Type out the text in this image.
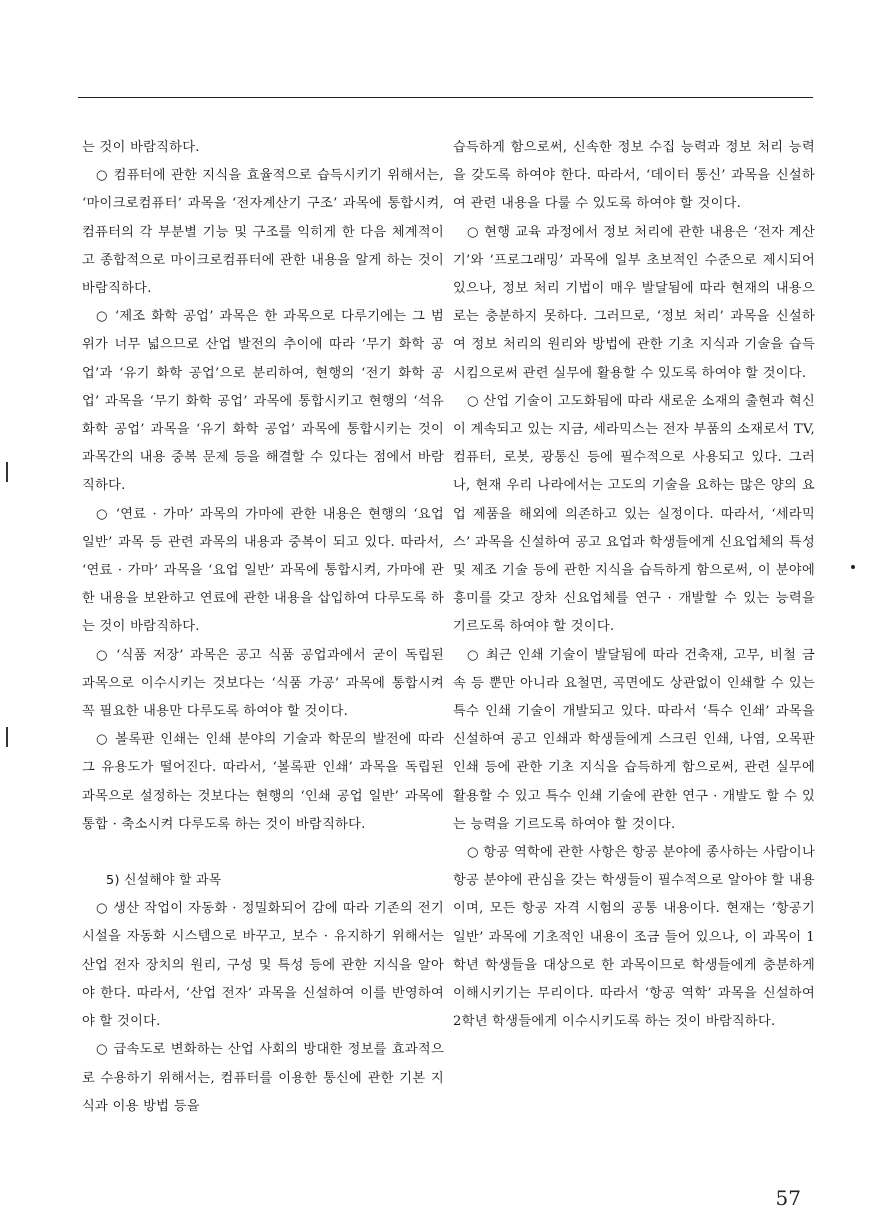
는 것이 바람직하다.

○ 컴퓨터에 관한 지식을 효율적으로 습득시키기 위해서는, ‘마이크로컴퓨터’ 과목을 ‘전자계산기 구조’ 과목에 통합시켜, 컴퓨터의 각 부분별 기능 및 구조를 익히게 한 다음 체계적이고 종합적으로 마이크로컴퓨터에 관한 내용을 알게 하는 것이 바람직하다.

○ ‘제조 화학 공업’ 과목은 한 과목으로 다루기에는 그 범위가 너무 넓으므로 산업 발전의 추이에 따라 ‘무기 화학 공업’과 ‘유기 화학 공업’으로 분리하여, 현행의 ‘전기 화학 공업’ 과목을 ‘무기 화학 공업’ 과목에 통합시키고 현행의 ‘석유 화학 공업’ 과목을 ‘유기 화학 공업’ 과목에 통합시키는 것이 과목간의 내용 중복 문제 등을 해결할 수 있다는 점에서 바람직하다.

○ ‘연료 · 가마’ 과목의 가마에 관한 내용은 현행의 ‘요업 일반’ 과목 등 관련 과목의 내용과 중복이 되고 있다. 따라서, ‘연료 · 가마’ 과목을 ‘요업 일반’ 과목에 통합시켜, 가마에 관한 내용을 보완하고 연료에 관한 내용을 삽입하여 다루도록 하는 것이 바람직하다.

○ ‘식품 저장’ 과목은 공고 식품 공업과에서 굳이 독립된 과목으로 이수시키는 것보다는 ‘식품 가공’ 과목에 통합시켜 꼭 필요한 내용만 다루도록 하여야 할 것이다.

○ 볼록판 인쇄는 인쇄 분야의 기술과 학문의 발전에 따라 그 유용도가 떨어진다. 따라서, ‘볼록판 인쇄’ 과목을 독립된 과목으로 설정하는 것보다는 현행의 ‘인쇄 공업 일반’ 과목에 통합 · 축소시켜 다루도록 하는 것이 바람직하다.

5) 신설해야 할 과목

○ 생산 작업이 자동화 · 정밀화되어 감에 따라 기존의 전기 시설을 자동화 시스템으로 바꾸고, 보수 · 유지하기 위해서는 산업 전자 장치의 원리, 구성 및 특성 등에 관한 지식을 알아야 한다. 따라서, ‘산업 전자’ 과목을 신설하여 이를 반영하여야 할 것이다.

○ 급속도로 변화하는 산업 사회의 방대한 정보를 효과적으로 수용하기 위해서는, 컴퓨터를 이용한 통신에 관한 기본 지식과 이용 방법 등을

습득하게 함으로써, 신속한 정보 수집 능력과 정보 처리 능력을 갖도록 하여야 한다. 따라서, ‘데이터 통신’ 과목을 신설하여 관련 내용을 다룰 수 있도록 하여야 할 것이다.

○ 현행 교육 과정에서 정보 처리에 관한 내용은 ‘전자 계산기’와 ‘프로그래밍’ 과목에 일부 초보적인 수준으로 제시되어 있으나, 정보 처리 기법이 매우 발달됨에 따라 현재의 내용으로는 충분하지 못하다. 그러므로, ‘정보 처리’ 과목을 신설하여 정보 처리의 원리와 방법에 관한 기초 지식과 기술을 습득시킴으로써 관련 실무에 활용할 수 있도록 하여야 할 것이다.

○ 산업 기술이 고도화됨에 따라 새로운 소재의 출현과 혁신이 계속되고 있는 지금, 세라믹스는 전자 부품의 소재로서 TV, 컴퓨터, 로봇, 광통신 등에 필수적으로 사용되고 있다. 그러나, 현재 우리 나라에서는 고도의 기술을 요하는 많은 양의 요업 제품을 해외에 의존하고 있는 실정이다. 따라서, ‘세라믹스’ 과목을 신설하여 공고 요업과 학생들에게 신요업체의 특성 및 제조 기술 등에 관한 지식을 습득하게 함으로써, 이 분야에 흥미를 갖고 장차 신요업체를 연구 · 개발할 수 있는 능력을 기르도록 하여야 할 것이다.

○ 최근 인쇄 기술이 발달됨에 따라 건축재, 고무, 비철 금속 등 뿐만 아니라 요철면, 곡면에도 상관없이 인쇄할 수 있는 특수 인쇄 기술이 개발되고 있다. 따라서 ‘특수 인쇄’ 과목을 신설하여 공고 인쇄과 학생들에게 스크린 인쇄, 나염, 오목판 인쇄 등에 관한 기초 지식을 습득하게 함으로써, 관련 실무에 활용할 수 있고 특수 인쇄 기술에 관한 연구 · 개발도 할 수 있는 능력을 기르도록 하여야 할 것이다.

○ 항공 역학에 관한 사항은 항공 분야에 종사하는 사람이나 항공 분야에 관심을 갖는 학생들이 필수적으로 알아야 할 내용이며, 모든 항공 자격 시험의 공통 내용이다. 현재는 ‘항공기 일반’ 과목에 기초적인 내용이 조금 들어 있으나, 이 과목이 1학년 학생들을 대상으로 한 과목이므로 학생들에게 충분하게 이해시키기는 무리이다. 따라서 ‘항공 역학’ 과목을 신설하여 2학년 학생들에게 이수시키도록 하는 것이 바람직하다.

57
